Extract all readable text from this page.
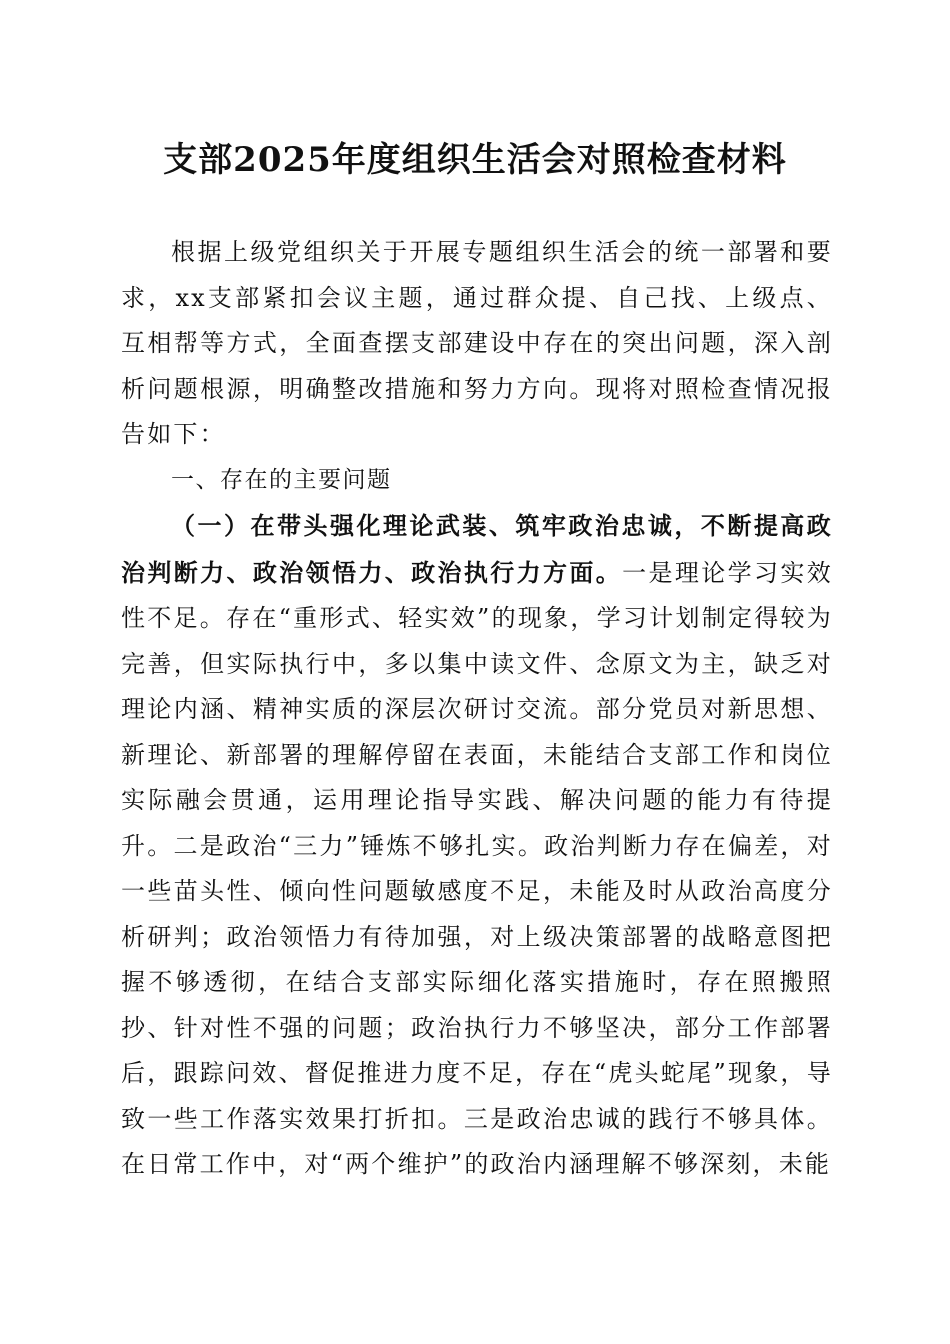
支部2025年度组织生活会对照检查材料

根据上级党组织关于开展专题组织生活会的统一部署和要求，xx支部紧扣会议主题，通过群众提、自己找、上级点、互相帮等方式，全面查摆支部建设中存在的突出问题，深入剖析问题根源，明确整改措施和努力方向。现将对照检查情况报告如下：

一、存在的主要问题

（一）在带头强化理论武装、筑牢政治忠诚，不断提高政治判断力、政治领悟力、政治执行力方面。一是理论学习实效性不足。存在“重形式、轻实效”的现象，学习计划制定得较为完善，但实际执行中，多以集中读文件、念原文为主，缺乏对理论内涵、精神实质的深层次研讨交流。部分党员对新思想、新理论、新部署的理解停留在表面，未能结合支部工作和岗位实际融会贯通，运用理论指导实践、解决问题的能力有待提升。二是政治“三力”锤炼不够扎实。政治判断力存在偏差，对一些苗头性、倾向性问题敏感度不足，未能及时从政治高度分析研判；政治领悟力有待加强，对上级决策部署的战略意图把握不够透彻，在结合支部实际细化落实措施时，存在照搬照抄、针对性不强的问题；政治执行力不够坚决，部分工作部署后，跟踪问效、督促推进力度不足，存在“虎头蛇尾”现象，导致一些工作落实效果打折扣。三是政治忠诚的践行不够具体。在日常工作中，对“两个维护”的政治内涵理解不够深刻，未能
